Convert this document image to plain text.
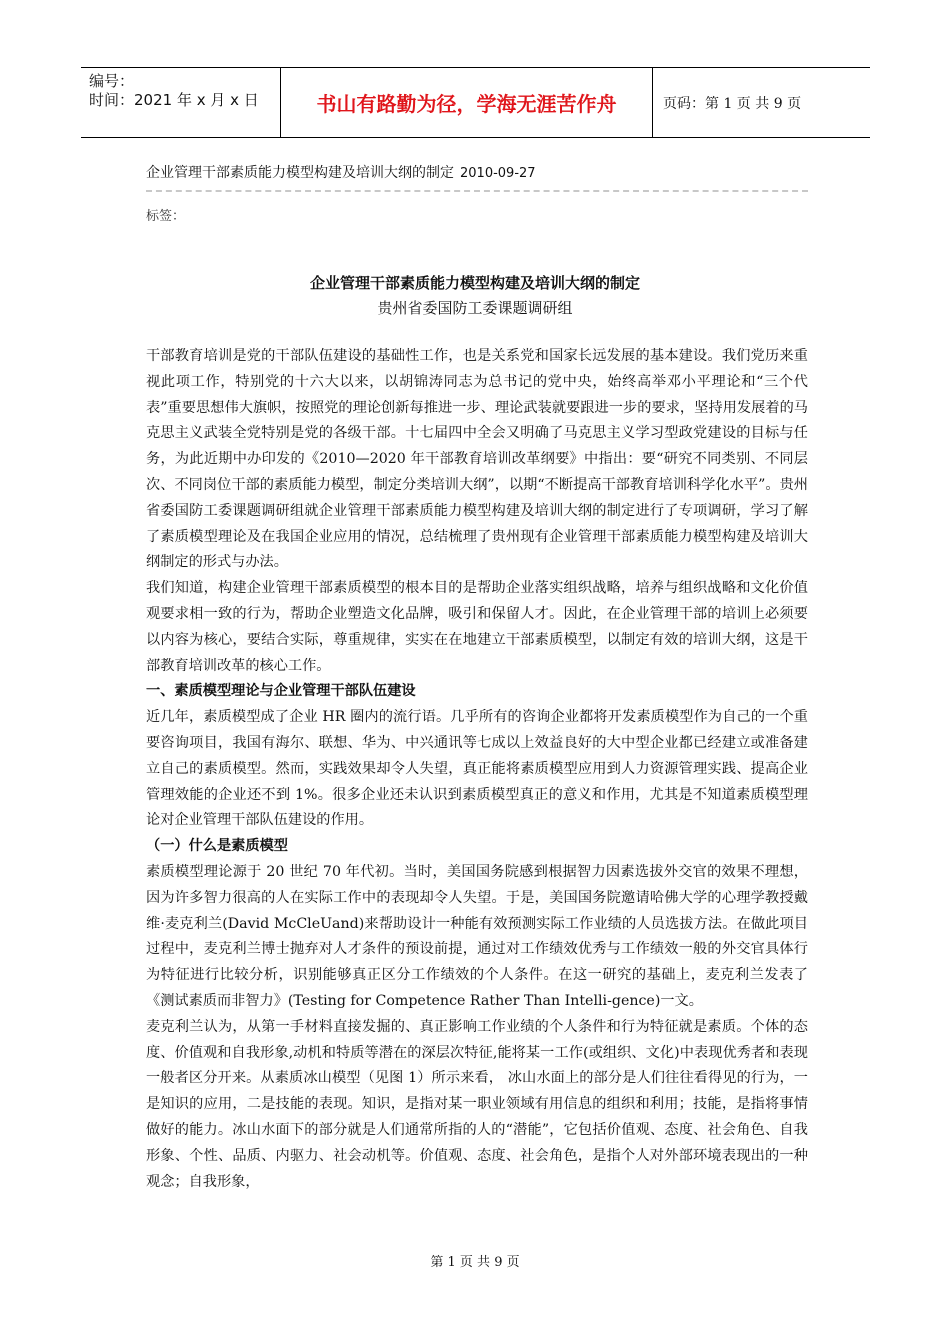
编号：
时间：2021 年 x 月 x 日	书山有路勤为径，学海无涯苦作舟	页码：第 1 页 共 9 页
企业管理干部素质能力模型构建及培训大纲的制定 2010-09-27
标签：
企业管理干部素质能力模型构建及培训大纲的制定
贵州省委国防工委课题调研组

干部教育培训是党的干部队伍建设的基础性工作，也是关系党和国家长远发展的基本建设。我们党历来重视此项工作，特别党的十六大以来，以胡锦涛同志为总书记的党中央，始终高举邓小平理论和“三个代表”重要思想伟大旗帜，按照党的理论创新每推进一步、理论武装就要跟进一步的要求，坚持用发展着的马克思主义武装全党特别是党的各级干部。十七届四中全会又明确了马克思主义学习型政党建设的目标与任务，为此近期中办印发的《2010—2020 年干部教育培训改革纲要》中指出：要“研究不同类别、不同层次、不同岗位干部的素质能力模型，制定分类培训大纲”，以期“不断提高干部教育培训科学化水平”。贵州省委国防工委课题调研组就企业管理干部素质能力模型构建及培训大纲的制定进行了专项调研，学习了解了素质模型理论及在我国企业应用的情况，总结梳理了贵州现有企业管理干部素质能力模型构建及培训大纲制定的形式与办法。

我们知道，构建企业管理干部素质模型的根本目的是帮助企业落实组织战略，培养与组织战略和文化价值观要求相一致的行为，帮助企业塑造文化品牌，吸引和保留人才。因此，在企业管理干部的培训上必须要以内容为核心，要结合实际，尊重规律，实实在在地建立干部素质模型，以制定有效的培训大纲，这是干部教育培训改革的核心工作。

一、素质模型理论与企业管理干部队伍建设

近几年，素质模型成了企业 HR 圈内的流行语。几乎所有的咨询企业都将开发素质模型作为自己的一个重要咨询项目，我国有海尔、联想、华为、中兴通讯等七成以上效益良好的大中型企业都已经建立或准备建立自己的素质模型。然而，实践效果却令人失望，真正能将素质模型应用到人力资源管理实践、提高企业管理效能的企业还不到 1%。很多企业还未认识到素质模型真正的意义和作用，尤其是不知道素质模型理论对企业管理干部队伍建设的作用。

（一）什么是素质模型

素质模型理论源于 20 世纪 70 年代初。当时，美国国务院感到根据智力因素选拔外交官的效果不理想，因为许多智力很高的人在实际工作中的表现却令人失望。于是，美国国务院邀请哈佛大学的心理学教授戴维·麦克利兰(David McCleUand)来帮助设计一种能有效预测实际工作业绩的人员选拔方法。在做此项目过程中，麦克利兰博士抛弃对人才条件的预设前提，通过对工作绩效优秀与工作绩效一般的外交官具体行为特征进行比较分析，识别能够真正区分工作绩效的个人条件。在这一研究的基础上，麦克利兰发表了《测试素质而非智力》(Testing for Competence Rather Than Intelli-gence)一文。

麦克利兰认为，从第一手材料直接发掘的、真正影响工作业绩的个人条件和行为特征就是素质。个体的态度、价值观和自我形象,动机和特质等潜在的深层次特征,能将某一工作(或组织、文化)中表现优秀者和表现一般者区分开来。从素质冰山模型（见图 1）所示来看， 冰山水面上的部分是人们往往看得见的行为，一是知识的应用，二是技能的表现。知识，是指对某一职业领域有用信息的组织和利用；技能，是指将事情做好的能力。冰山水面下的部分就是人们通常所指的人的“潜能”，它包括价值观、态度、社会角色、自我形象、个性、品质、内驱力、社会动机等。价值观、态度、社会角色，是指个人对外部环境表现出的一种观念；自我形象，

第 1 页 共 9 页
